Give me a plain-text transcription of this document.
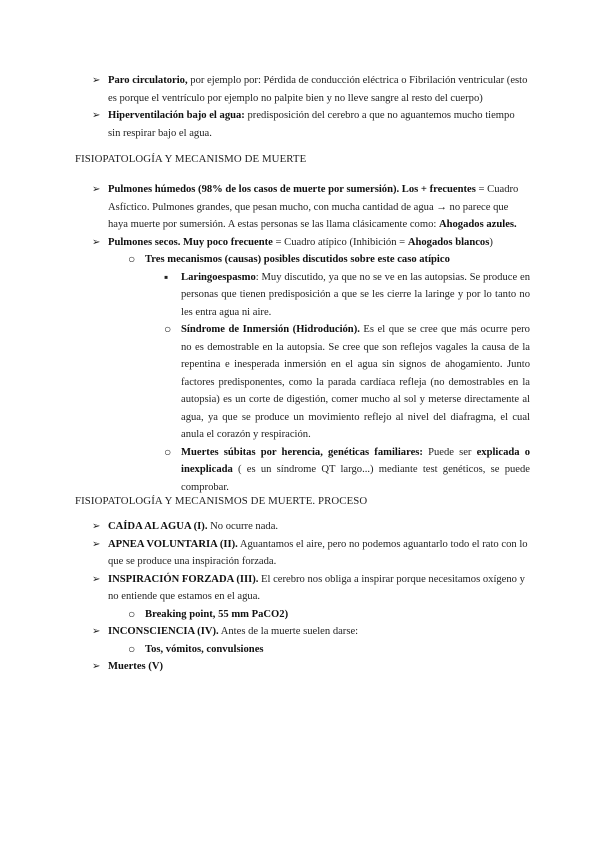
➢ Paro circulatorio, por ejemplo por: Pérdida de conducción eléctrica o Fibrilación ventricular (esto es porque el ventrículo por ejemplo no palpite bien y no lleve sangre al resto del cuerpo)
➢ Hiperventilación bajo el agua: predisposición del cerebro a que no aguantemos mucho tiempo sin respirar bajo el agua.
FISIOPATOLOGÍA Y MECANISMO DE MUERTE
➢ Pulmones húmedos (98% de los casos de muerte por sumersión). Los + frecuentes = Cuadro Asfíctico. Pulmones grandes, que pesan mucho, con mucha cantidad de agua → no parece que haya muerte por sumersión. A estas personas se las llama clásicamente como: Ahogados azules.
➢ Pulmones secos. Muy poco frecuente = Cuadro atípico (Inhibición = Ahogados blancos)
○ Tres mecanismos (causas) posibles discutidos sobre este caso atípico
▪ Laringoespasmo: Muy discutido, ya que no se ve en las autopsias. Se produce en personas que tienen predisposición a que se les cierre la laringe y por lo tanto no les entra agua ni aire.
○ Síndrome de Inmersión (Hidrodución). Es el que se cree que más ocurre pero no es demostrable en la autopsia. Se cree que son reflejos vagales la causa de la repentina e inesperada inmersión en el agua sin signos de ahogamiento. Junto factores predisponentes, como la parada cardíaca refleja (no demostrables en la autopsia) es un corte de digestión, comer mucho al sol y meterse directamente al agua, ya que se produce un movimiento reflejo al nivel del diafragma, el cual anula el corazón y respiración.
○ Muertes súbitas por herencia, genéticas familiares: Puede ser explicada o inexplicada ( es un síndrome QT largo...) mediante test genéticos, se puede comprobar.
FISIOPATOLOGÍA Y MECANISMOS DE MUERTE. PROCESO
➢ CAÍDA AL AGUA (I). No ocurre nada.
➢ APNEA VOLUNTARIA (II). Aguantamos el aire, pero no podemos aguantarlo todo el rato con lo que se produce una inspiración forzada.
➢ INSPIRACIÓN FORZADA (III). El cerebro nos obliga a inspirar porque necesitamos oxígeno y no entiende que estamos en el agua.
○ Breaking point, 55 mm PaCO2)
➢ INCONSCIENCIA (IV). Antes de la muerte suelen darse:
○ Tos, vómitos, convulsiones
➢ Muertes (V)
